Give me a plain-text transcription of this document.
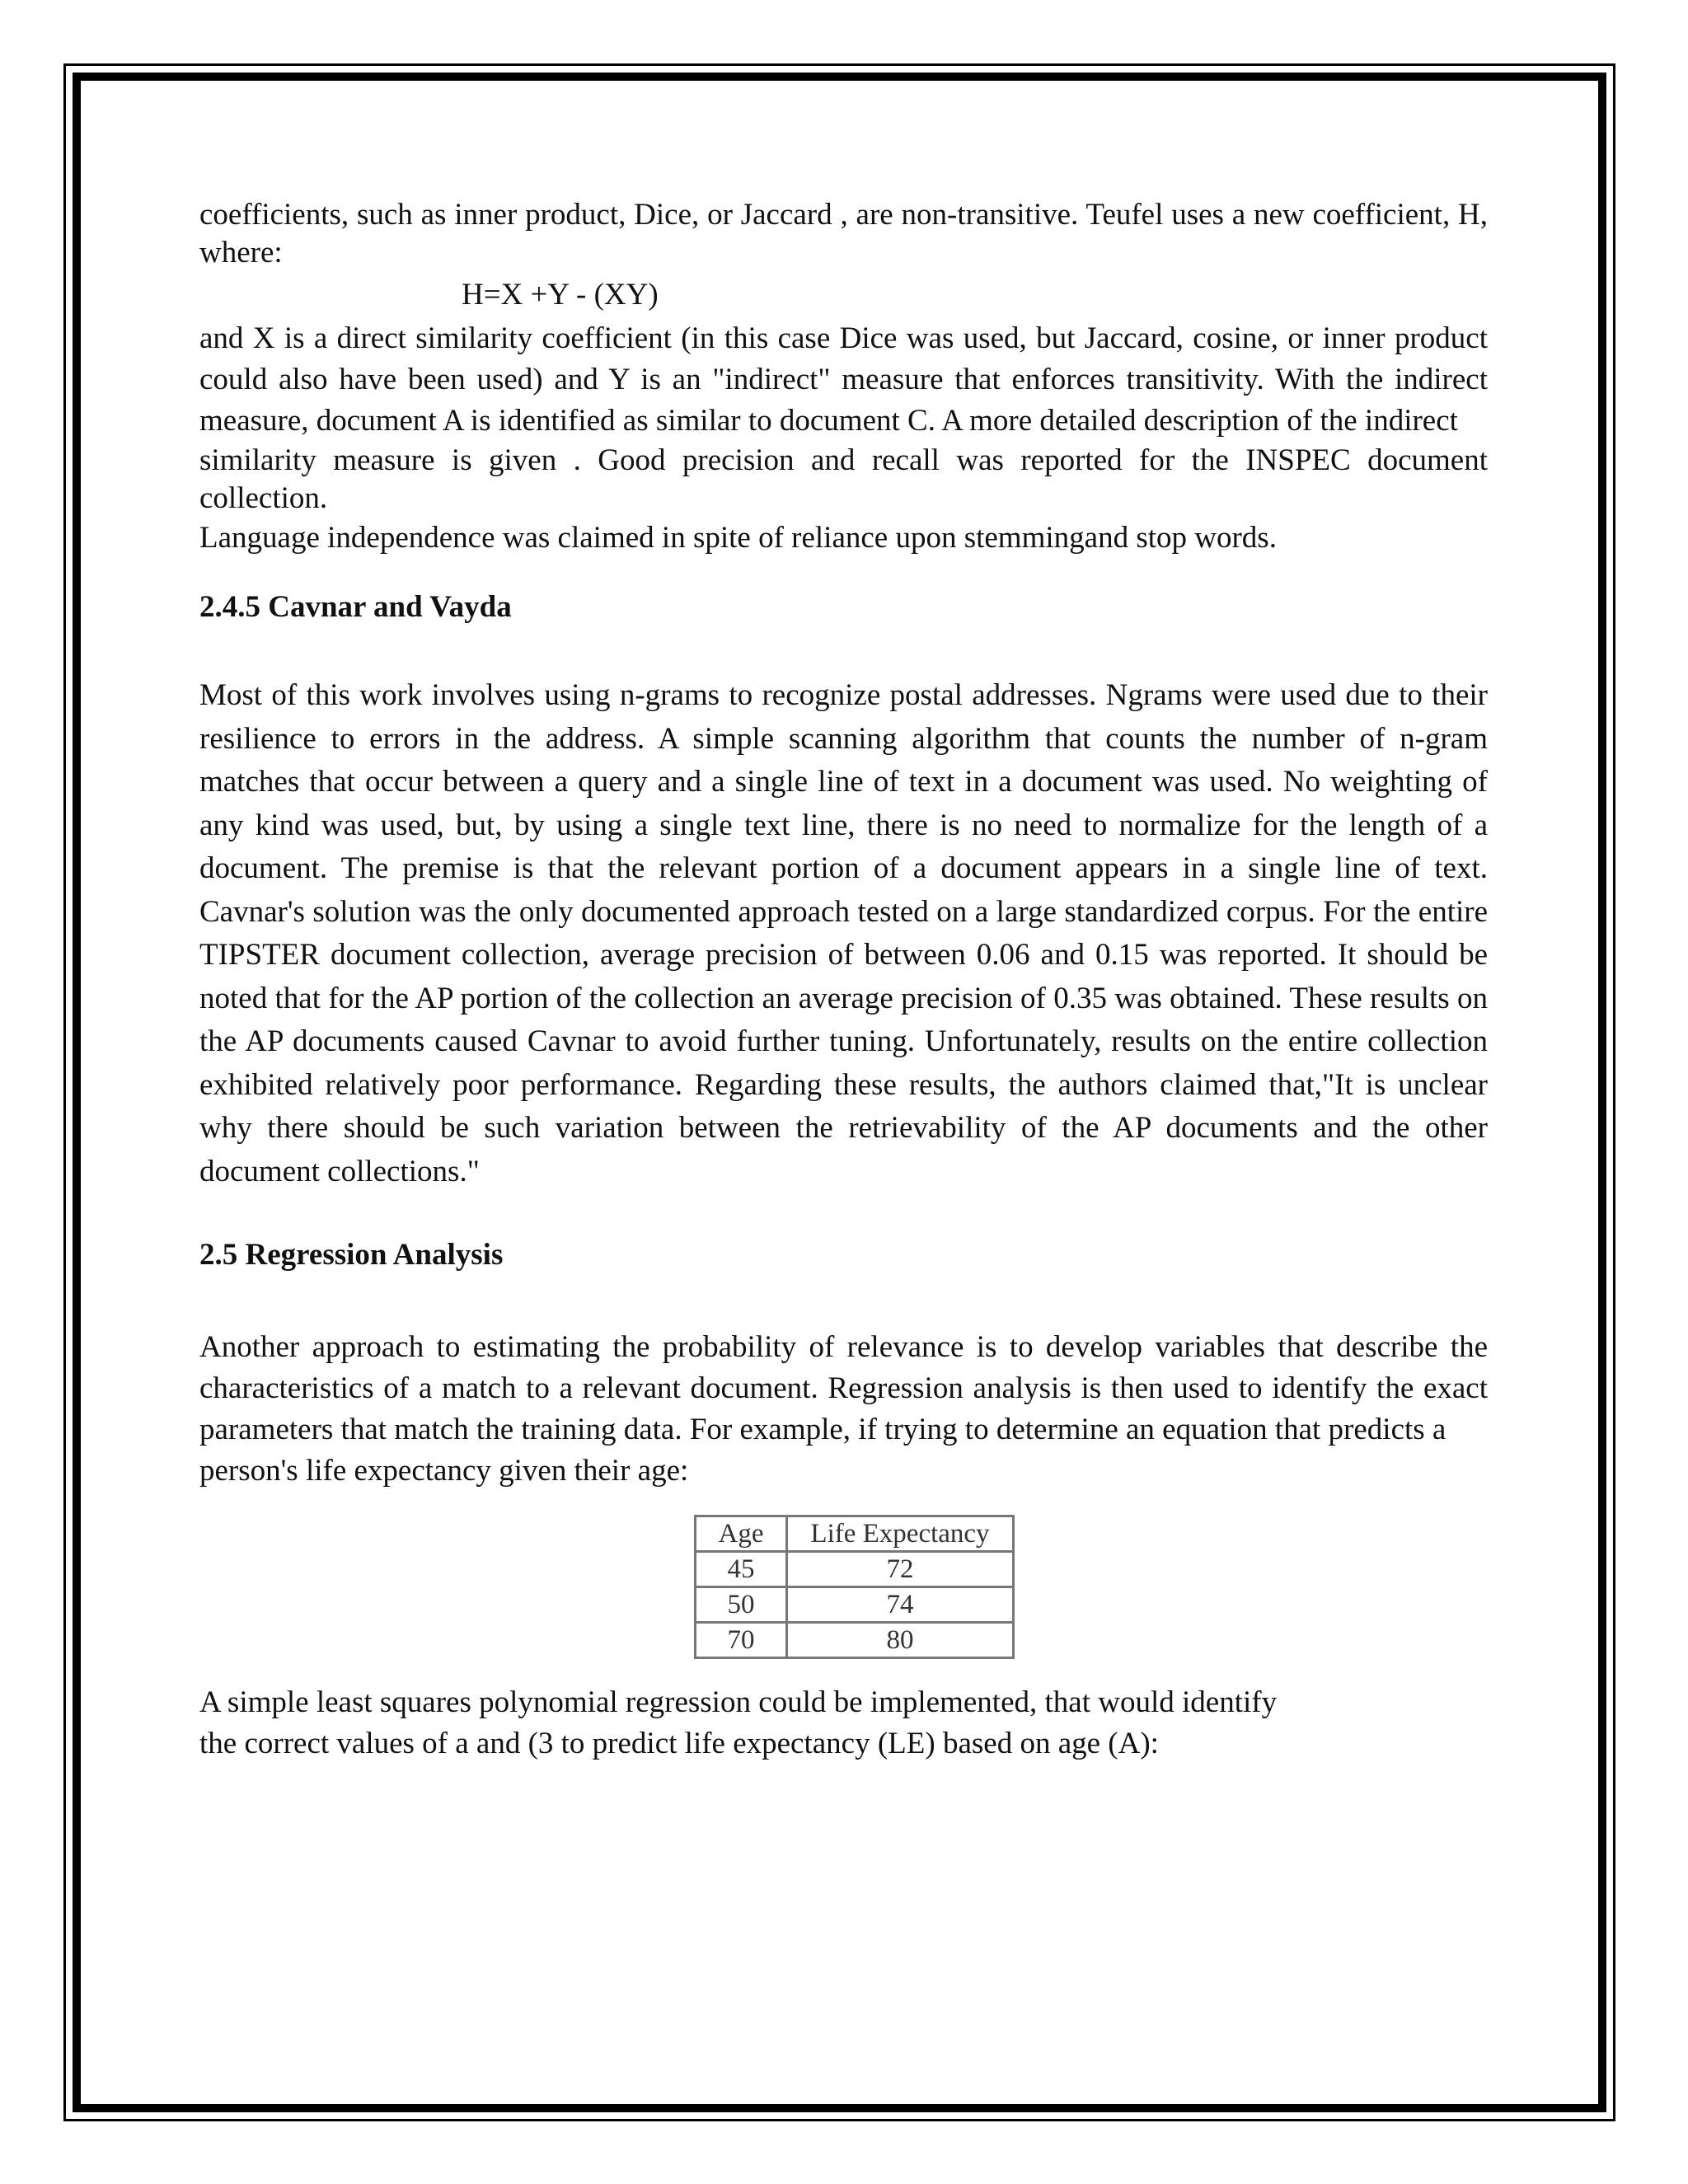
coefficients, such as inner product, Dice, or Jaccard , are non-transitive. Teufel uses a new coefficient, H, where:

H=X +Y - (XY)

and X is a direct similarity coefficient (in this case Dice was used, but Jaccard, cosine, or inner product could also have been used) and Y is an "indirect" measure that enforces transitivity. With the indirect measure, document A is identified as similar to document C. A more detailed description of the indirect

similarity measure is given . Good precision and recall was reported for the INSPEC document collection.

Language independence was claimed in spite of reliance upon stemmingand stop words.

2.4.5 Cavnar and Vayda

Most of this work involves using n-grams to recognize postal addresses. Ngrams were used due to their resilience to errors in the address. A simple scanning algorithm that counts the number of n-gram matches that occur between a query and a single line of text in a document was used. No weighting of any kind was used, but, by using a single text line, there is no need to normalize for the length of a document. The premise is that the relevant portion of a document appears in a single line of text. Cavnar's solution was the only documented approach tested on a large standardized corpus. For the entire TIPSTER document collection, average precision of between 0.06 and 0.15 was reported. It should be noted that for the AP portion of the collection an average precision of 0.35 was obtained. These results on the AP documents caused Cavnar to avoid further tuning. Unfortunately, results on the entire collection exhibited relatively poor performance. Regarding these results, the authors claimed that,"It is unclear why there should be such variation between the retrievability of the AP documents and the other document collections."

2.5 Regression Analysis

Another approach to estimating the probability of relevance is to develop variables that describe the characteristics of a match to a relevant document. Regression analysis is then used to identify the exact parameters that match the training data. For example, if trying to determine an equation that predicts a

person's life expectancy given their age:

Age	Life Expectancy
45	72
50	74
70	80

A simple least squares polynomial regression could be implemented, that would identify

the correct values of a and (3 to predict life expectancy (LE) based on age (A):
